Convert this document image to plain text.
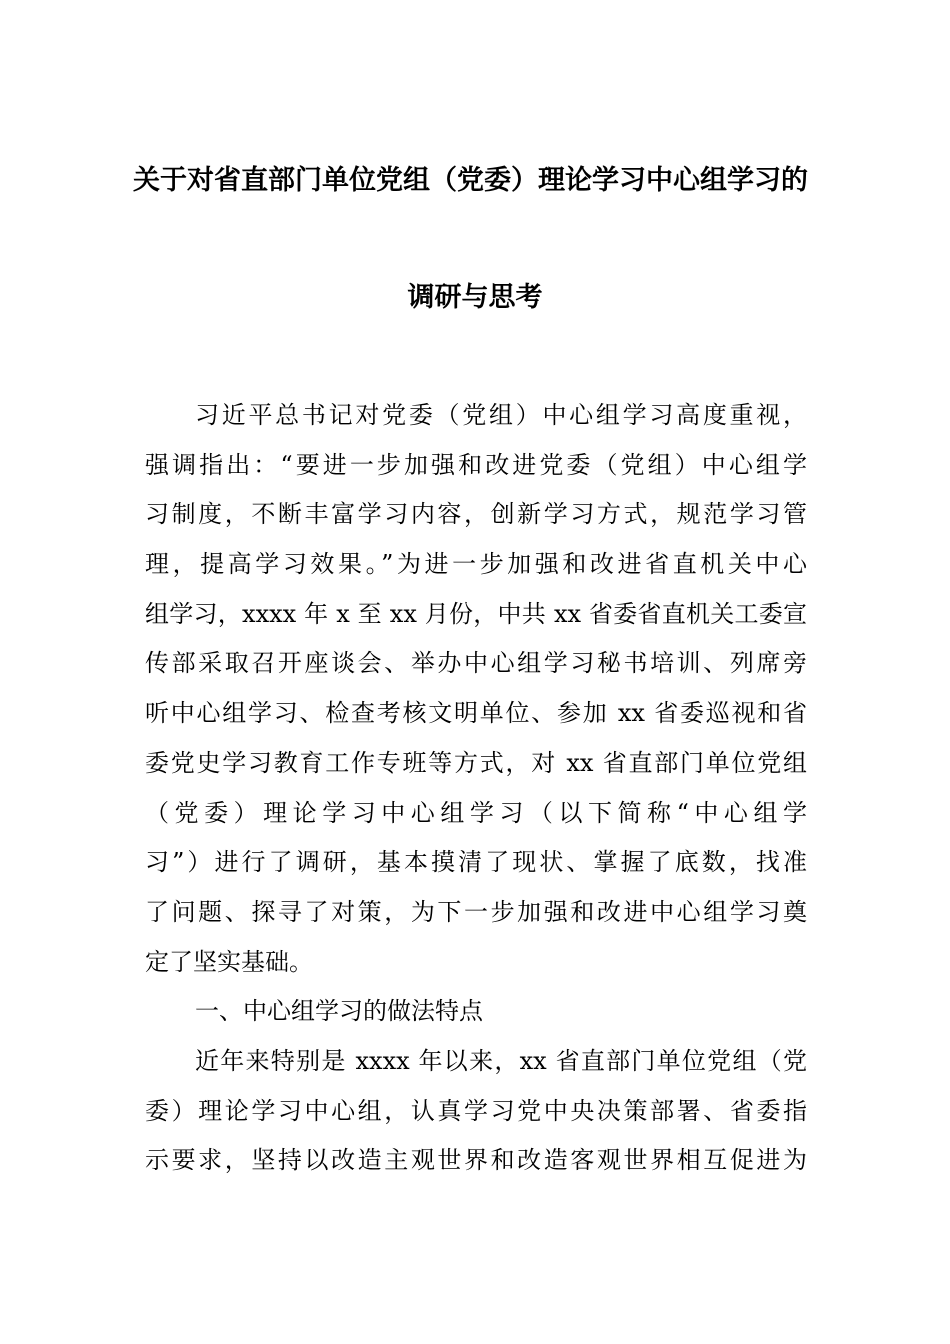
关于对省直部门单位党组（党委）理论学习中心组学习的
调研与思考
习近平总书记对党委（党组）中心组学习高度重视，
强调指出：“要进一步加强和改进党委（党组）中心组学
习制度，不断丰富学习内容，创新学习方式，规范学习管
理，提高学习效果。”为进一步加强和改进省直机关中心
组学习，xxxx 年 x 至 xx 月份，中共 xx 省委省直机关工委宣
传部采取召开座谈会、举办中心组学习秘书培训、列席旁
听中心组学习、检查考核文明单位、参加 xx 省委巡视和省
委党史学习教育工作专班等方式，对 xx 省直部门单位党组
（党委）理论学习中心组学习（以下简称“中心组学
习”）进行了调研，基本摸清了现状、掌握了底数，找准
了问题、探寻了对策，为下一步加强和改进中心组学习奠
定了坚实基础。
一、中心组学习的做法特点
近年来特别是 xxxx 年以来，xx 省直部门单位党组（党
委）理论学习中心组，认真学习党中央决策部署、省委指
示要求，坚持以改造主观世界和改造客观世界相互促进为
